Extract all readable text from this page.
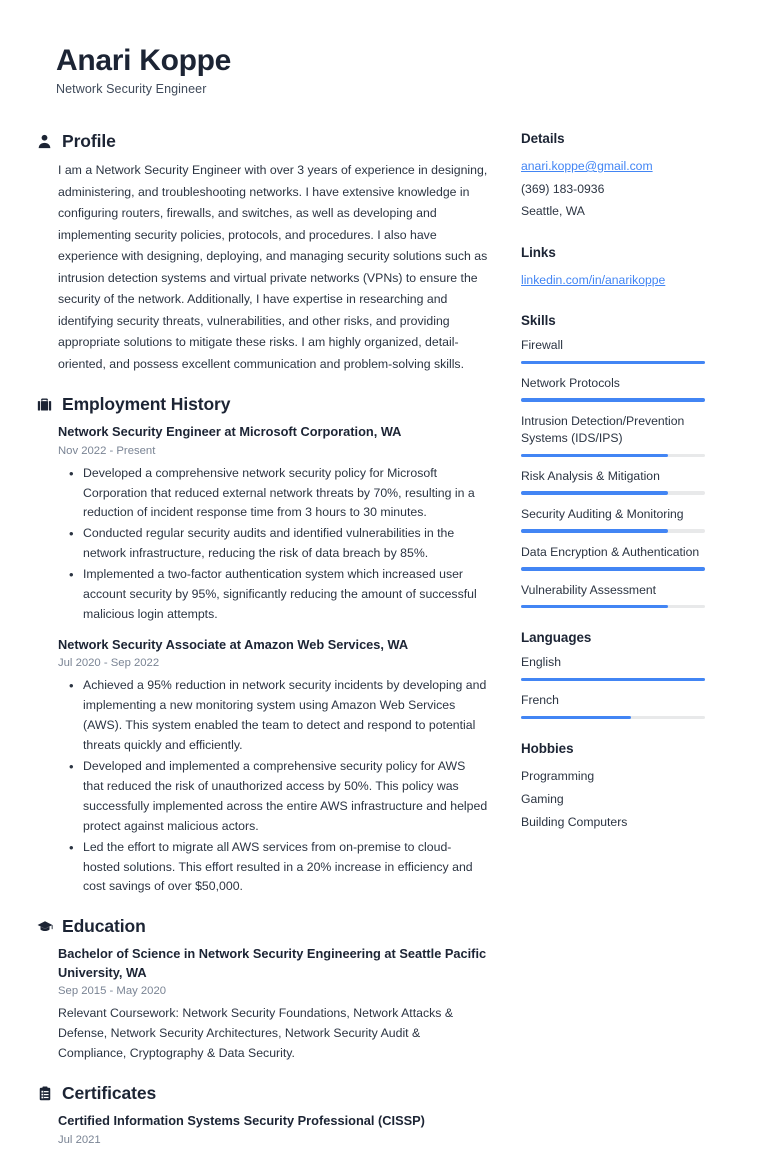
Anari Koppe
Network Security Engineer
Profile
I am a Network Security Engineer with over 3 years of experience in designing, administering, and troubleshooting networks. I have extensive knowledge in configuring routers, firewalls, and switches, as well as developing and implementing security policies, protocols, and procedures. I also have experience with designing, deploying, and managing security solutions such as intrusion detection systems and virtual private networks (VPNs) to ensure the security of the network. Additionally, I have expertise in researching and identifying security threats, vulnerabilities, and other risks, and providing appropriate solutions to mitigate these risks. I am highly organized, detail-oriented, and possess excellent communication and problem-solving skills.
Employment History
Network Security Engineer at Microsoft Corporation, WA
Nov 2022 - Present
• Developed a comprehensive network security policy for Microsoft Corporation that reduced external network threats by 70%, resulting in a reduction of incident response time from 3 hours to 30 minutes.
• Conducted regular security audits and identified vulnerabilities in the network infrastructure, reducing the risk of data breach by 85%.
• Implemented a two-factor authentication system which increased user account security by 95%, significantly reducing the amount of successful malicious login attempts.
Network Security Associate at Amazon Web Services, WA
Jul 2020 - Sep 2022
• Achieved a 95% reduction in network security incidents by developing and implementing a new monitoring system using Amazon Web Services (AWS). This system enabled the team to detect and respond to potential threats quickly and efficiently.
• Developed and implemented a comprehensive security policy for AWS that reduced the risk of unauthorized access by 50%. This policy was successfully implemented across the entire AWS infrastructure and helped protect against malicious actors.
• Led the effort to migrate all AWS services from on-premise to cloud-hosted solutions. This effort resulted in a 20% increase in efficiency and cost savings of over $50,000.
Education
Bachelor of Science in Network Security Engineering at Seattle Pacific University, WA
Sep 2015 - May 2020
Relevant Coursework: Network Security Foundations, Network Attacks & Defense, Network Security Architectures, Network Security Audit & Compliance, Cryptography & Data Security.
Certificates
Certified Information Systems Security Professional (CISSP)
Jul 2021
Details
anari.koppe@gmail.com
(369) 183-0936
Seattle, WA
Links
linkedin.com/in/anarikoppe
Skills
Firewall
Network Protocols
Intrusion Detection/Prevention Systems (IDS/IPS)
Risk Analysis & Mitigation
Security Auditing & Monitoring
Data Encryption & Authentication
Vulnerability Assessment
Languages
English
French
Hobbies
Programming
Gaming
Building Computers
